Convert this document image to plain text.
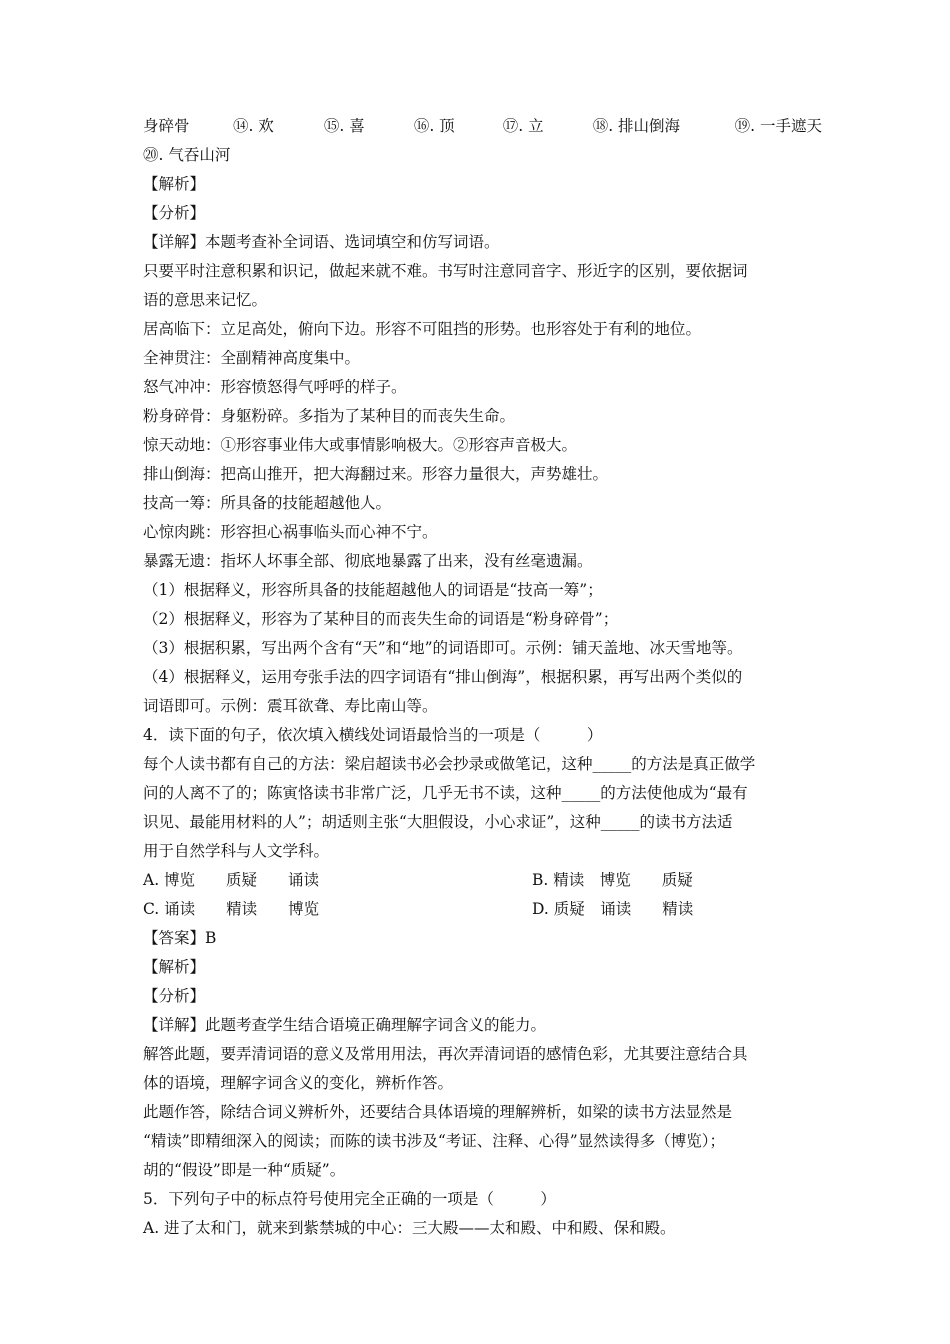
身碎骨	⑭. 欢	⑮. 喜	⑯. 顶	⑰. 立	⑱. 排山倒海	⑲. 一手遮天
⑳. 气吞山河
【解析】
【分析】
【详解】本题考查补全词语、选词填空和仿写词语。
只要平时注意积累和识记，做起来就不难。书写时注意同音字、形近字的区别，要依据词
语的意思来记忆。
居高临下：立足高处，俯向下边。形容不可阻挡的形势。也形容处于有利的地位。
全神贯注：全副精神高度集中。
怒气冲冲：形容愤怒得气呼呼的样子。
粉身碎骨：身躯粉碎。多指为了某种目的而丧失生命。
惊天动地：①形容事业伟大或事情影响极大。②形容声音极大。
排山倒海：把高山推开，把大海翻过来。形容力量很大，声势雄壮。
技高一筹：所具备的技能超越他人。
心惊肉跳：形容担心祸事临头而心神不宁。
暴露无遗：指坏人坏事全部、彻底地暴露了出来，没有丝毫遗漏。
（1）根据释义，形容所具备的技能超越他人的词语是“技高一筹”；
（2）根据释义，形容为了某种目的而丧失生命的词语是“粉身碎骨”；
（3）根据积累，写出两个含有“天”和“地”的词语即可。示例：铺天盖地、冰天雪地等。
（4）根据释义，运用夸张手法的四字词语有“排山倒海”，根据积累，再写出两个类似的
词语即可。示例：震耳欲聋、寿比南山等。
4．读下面的句子，依次填入横线处词语最恰当的一项是（　　　）
每个人读书都有自己的方法：梁启超读书必会抄录或做笔记，这种_____的方法是真正做学
问的人离不了的；陈寅恪读书非常广泛，几乎无书不读，这种_____的方法使他成为“最有
识见、最能用材料的人”；胡适则主张“大胆假设，小心求证”，这种_____的读书方法适
用于自然学科与人文学科。
A. 博览　　质疑　　诵读	B. 精读　博览　　质疑
C. 诵读　　精读　　博览	D. 质疑　诵读　　精读
【答案】B
【解析】
【分析】
【详解】此题考查学生结合语境正确理解字词含义的能力。
解答此题，要弄清词语的意义及常用用法，再次弄清词语的感情色彩，尤其要注意结合具
体的语境，理解字词含义的变化，辨析作答。
此题作答，除结合词义辨析外，还要结合具体语境的理解辨析，如梁的读书方法显然是
“精读”即精细深入的阅读；而陈的读书涉及“考证、注释、心得”显然读得多（博览）；
胡的“假设”即是一种“质疑”。
5．下列句子中的标点符号使用完全正确的一项是（　　　）
A. 进了太和门，就来到紫禁城的中心：三大殿——太和殿、中和殿、保和殿。
